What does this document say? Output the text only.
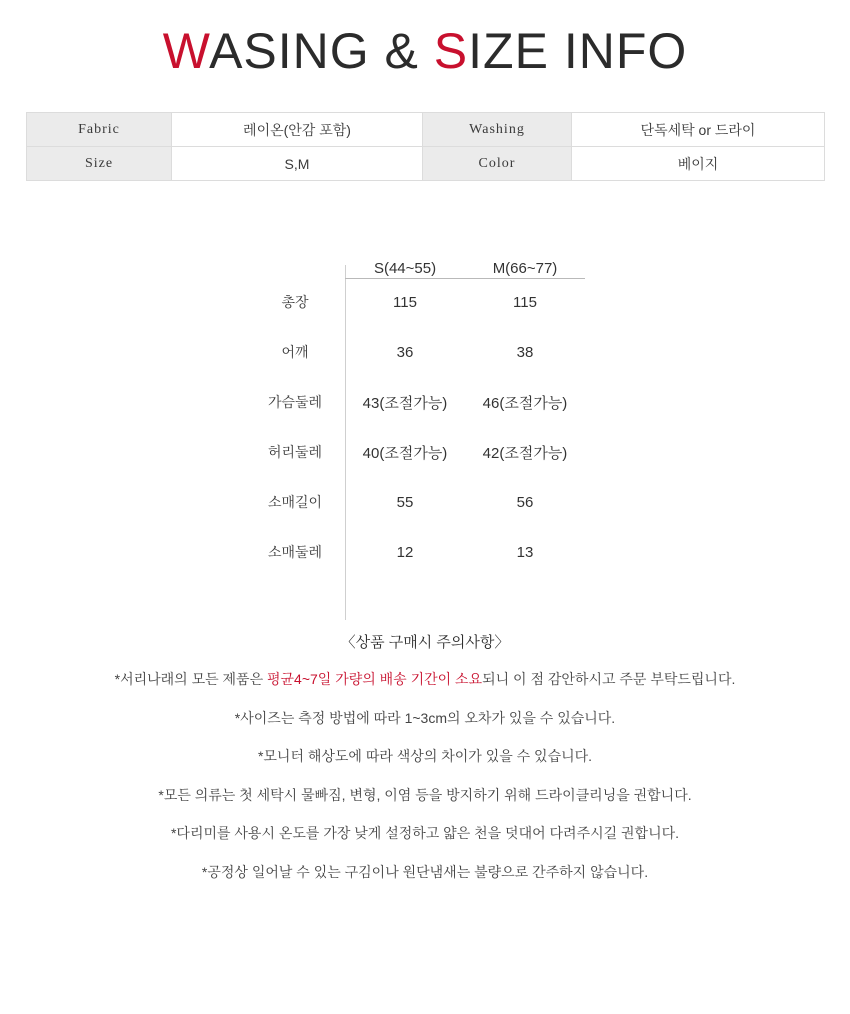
WASING & SIZE INFO
Fabric	레이온(안감 포함)	Washing	단독세탁 or 드라이
Size	S,M	Color	베이지
	S(44~55)	M(66~77)
총장	115	115
어깨	36	38
가슴둘레	43(조절가능)	46(조절가능)
허리둘레	40(조절가능)	42(조절가능)
소매길이	55	56
소매둘레	12	13
〈상품 구매시 주의사항〉
*서리나래의 모든 제품은 평균4~7일 가량의 배송 기간이 소요되니 이 점 감안하시고 주문 부탁드립니다.
*사이즈는 측정 방법에 따라 1~3cm의 오차가 있을 수 있습니다.
*모니터 해상도에 따라 색상의 차이가 있을 수 있습니다.
*모든 의류는 첫 세탁시 물빠짐, 변형, 이염 등을 방지하기 위해 드라이클리닝을 권합니다.
*다리미를 사용시 온도를 가장 낮게 설정하고 얇은 천을 덧대어 다려주시길 권합니다.
*공정상 일어날 수 있는 구김이나 원단냄새는 불량으로 간주하지 않습니다.
